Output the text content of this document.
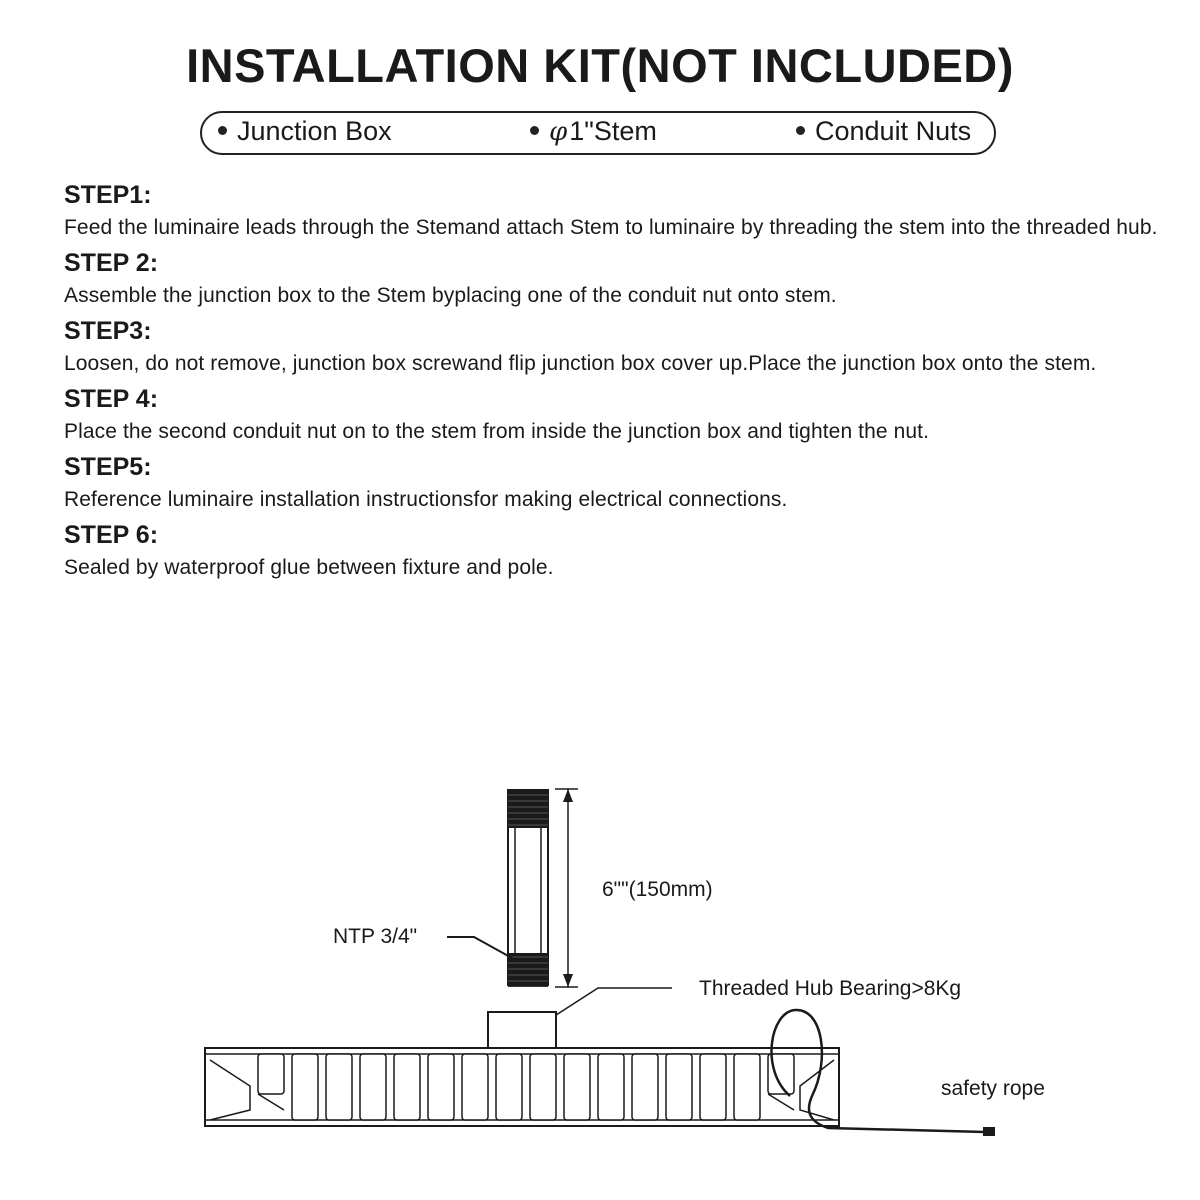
INSTALLATION KIT(NOT INCLUDED)
Junction Box	φ1"Stem	Conduit Nuts

STEP1:

Feed the luminaire leads through the Stemand attach Stem to luminaire by threading the stem into the threaded hub.

STEP 2:

Assemble the junction box to the Stem byplacing one of the conduit nut onto stem.

STEP3:

Loosen, do not remove, junction box screwand flip junction box cover up.Place the junction box onto the stem.

STEP 4:

Place the second conduit nut on to the stem from inside the junction box and tighten the nut.

STEP5:

Reference luminaire installation instructionsfor making electrical connections.

STEP 6:

Sealed by waterproof glue between fixture and pole.

6""(150mm)
NTP 3/4"
Threaded Hub Bearing>8Kg
safety rope
